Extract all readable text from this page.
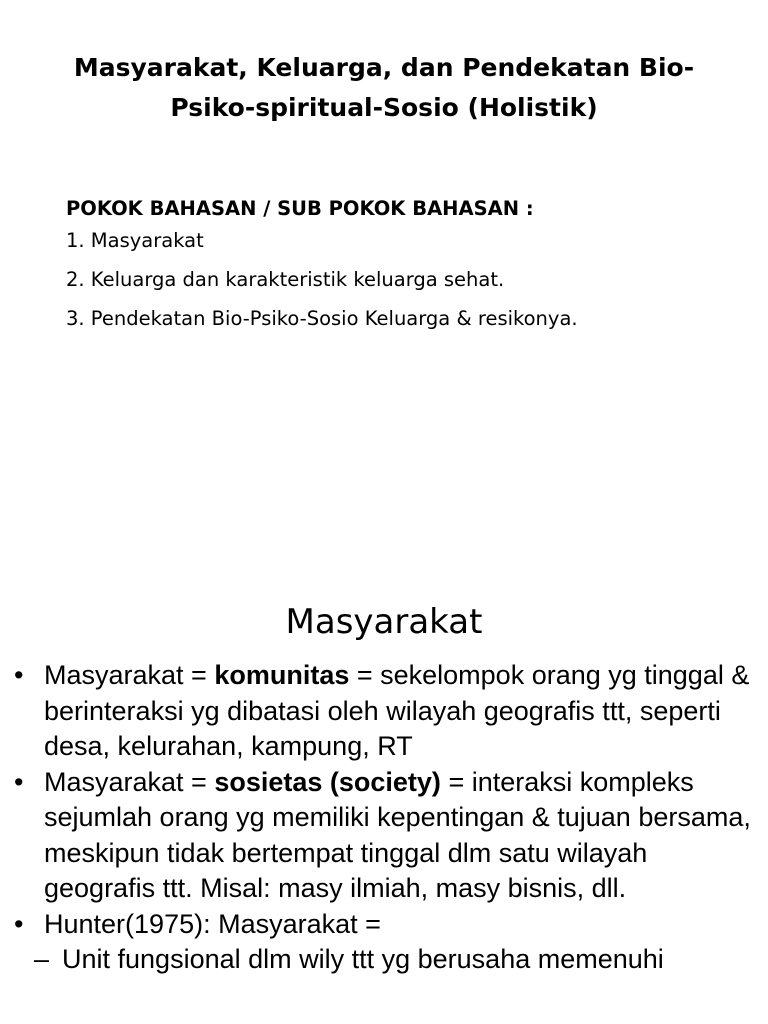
Masyarakat, Keluarga, dan Pendekatan Bio-Psiko-spiritual-Sosio (Holistik)
POKOK BAHASAN / SUB POKOK BAHASAN :
1. Masyarakat
2. Keluarga dan karakteristik keluarga sehat.
3. Pendekatan Bio-Psiko-Sosio Keluarga & resikonya.
Masyarakat
• Masyarakat = komunitas = sekelompok orang yg tinggal & berinteraksi yg dibatasi oleh wilayah geografis ttt, seperti desa, kelurahan, kampung, RT
• Masyarakat = sosietas (society) = interaksi kompleks sejumlah orang yg memiliki kepentingan & tujuan bersama, meskipun tidak bertempat tinggal dlm satu wilayah geografis ttt. Misal: masy ilmiah, masy bisnis, dll.
• Hunter(1975): Masyarakat =
– Unit fungsional dlm wily ttt yg berusaha memenuhi
